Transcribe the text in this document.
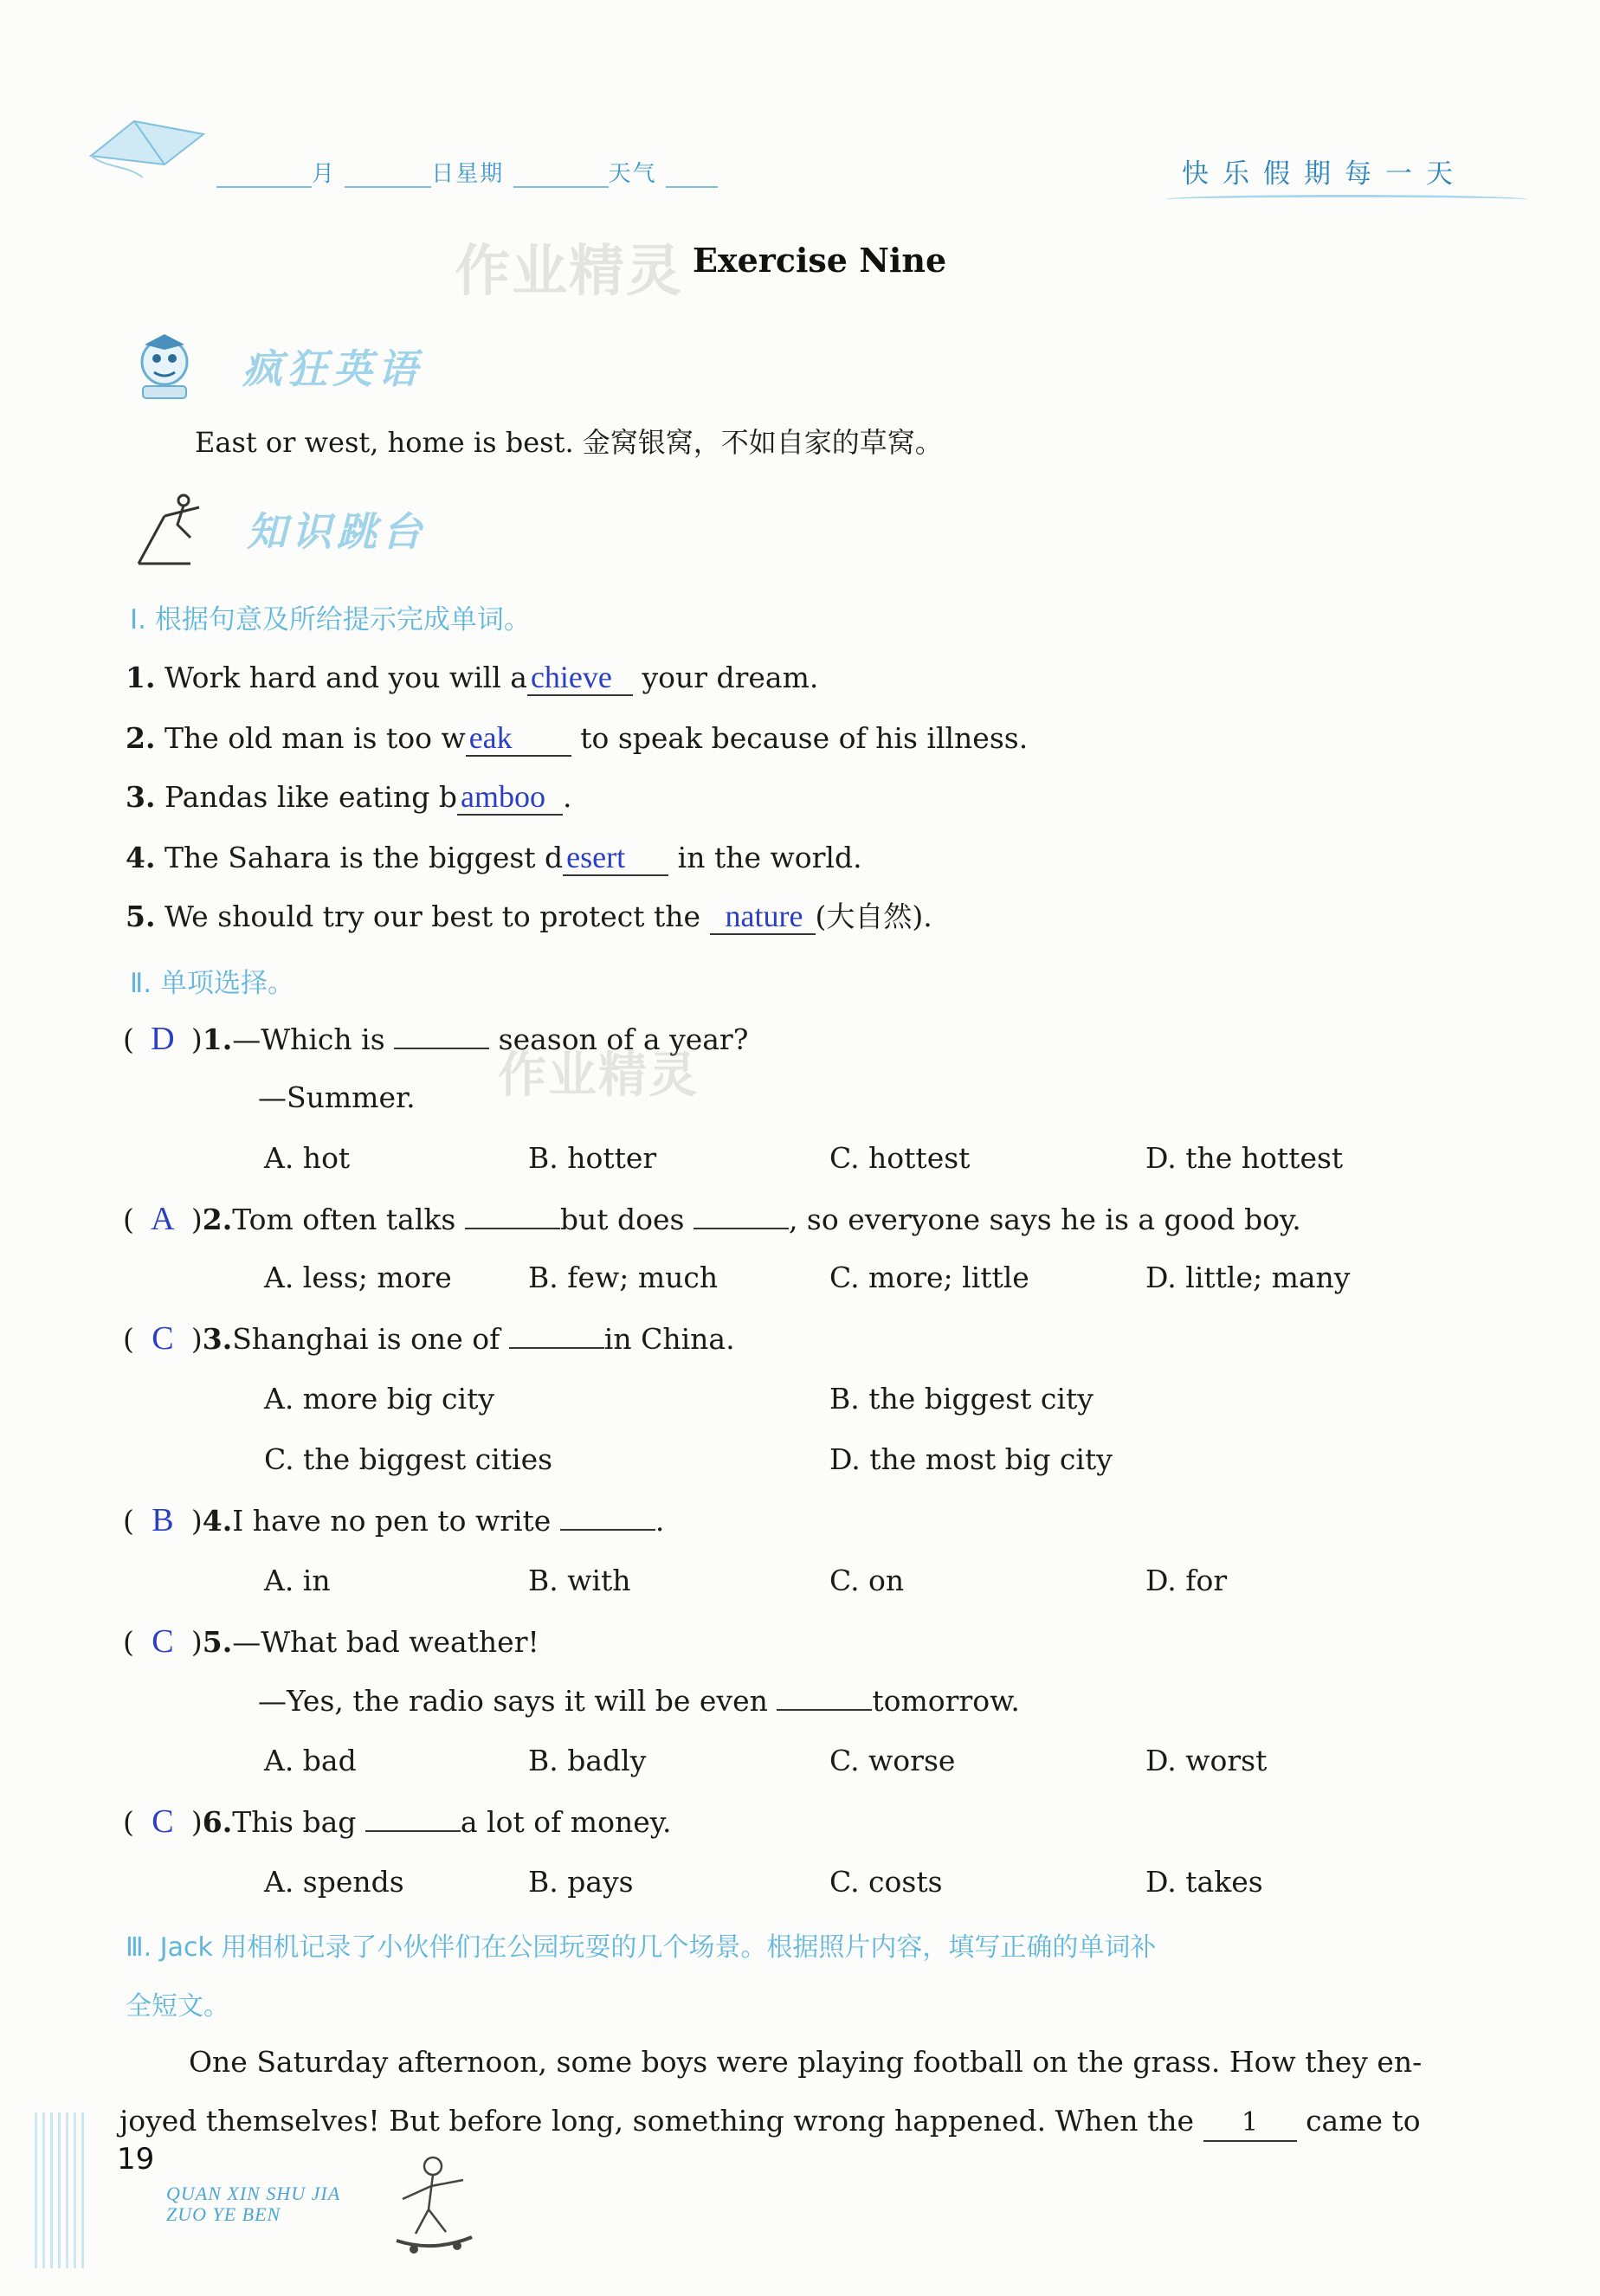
月	日星期	天气	快乐假期每一天
作业精灵 Exercise Nine
疯狂英语
East or west, home is best. 金窝银窝，不如自家的草窝。
知识跳台
Ⅰ. 根据句意及所给提示完成单词。
1. Work hard and you will a chieve your dream.
2. The old man is too w eak to speak because of his illness.
3. Pandas like eating b amboo .
4. The Sahara is the biggest d esert in the world.
5. We should try our best to protect the nature (大自然).
Ⅱ. 单项选择。
( D )1.—Which is	season of a year?
作业精灵
—Summer.
A. hot	B. hotter	C. hottest	D. the hottest
( A )2.Tom often talks	but does	, so everyone says he is a good boy.
A. less; more	B. few; much	C. more; little	D. little; many
( C )3.Shanghai is one of	in China.
A. more big city	B. the biggest city
C. the biggest cities	D. the most big city
( B )4.I have no pen to write	.
A. in	B. with	C. on	D. for
( C )5.—What bad weather!
—Yes, the radio says it will be even	tomorrow.
A. bad	B. badly	C. worse	D. worst
( C )6.This bag	a lot of money.
A. spends	B. pays	C. costs	D. takes
Ⅲ. Jack 用相机记录了小伙伴们在公园玩耍的几个场景。根据照片内容，填写正确的单词补
全短文。
One Saturday afternoon, some boys were playing football on the grass. How they en-
joyed themselves! But before long, something wrong happened. When the 1 came to
19
QUAN XIN SHU JIA
ZUO YE BEN
